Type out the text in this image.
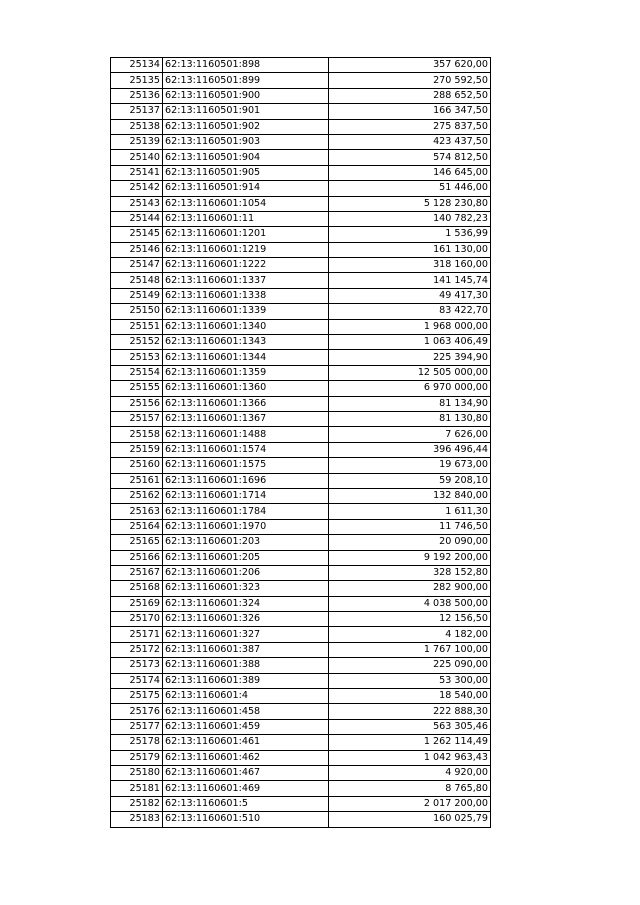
25134	62:13:1160501:898	357 620,00
25135	62:13:1160501:899	270 592,50
25136	62:13:1160501:900	288 652,50
25137	62:13:1160501:901	166 347,50
25138	62:13:1160501:902	275 837,50
25139	62:13:1160501:903	423 437,50
25140	62:13:1160501:904	574 812,50
25141	62:13:1160501:905	146 645,00
25142	62:13:1160501:914	51 446,00
25143	62:13:1160601:1054	5 128 230,80
25144	62:13:1160601:11	140 782,23
25145	62:13:1160601:1201	1 536,99
25146	62:13:1160601:1219	161 130,00
25147	62:13:1160601:1222	318 160,00
25148	62:13:1160601:1337	141 145,74
25149	62:13:1160601:1338	49 417,30
25150	62:13:1160601:1339	83 422,70
25151	62:13:1160601:1340	1 968 000,00
25152	62:13:1160601:1343	1 063 406,49
25153	62:13:1160601:1344	225 394,90
25154	62:13:1160601:1359	12 505 000,00
25155	62:13:1160601:1360	6 970 000,00
25156	62:13:1160601:1366	81 134,90
25157	62:13:1160601:1367	81 130,80
25158	62:13:1160601:1488	7 626,00
25159	62:13:1160601:1574	396 496,44
25160	62:13:1160601:1575	19 673,00
25161	62:13:1160601:1696	59 208,10
25162	62:13:1160601:1714	132 840,00
25163	62:13:1160601:1784	1 611,30
25164	62:13:1160601:1970	11 746,50
25165	62:13:1160601:203	20 090,00
25166	62:13:1160601:205	9 192 200,00
25167	62:13:1160601:206	328 152,80
25168	62:13:1160601:323	282 900,00
25169	62:13:1160601:324	4 038 500,00
25170	62:13:1160601:326	12 156,50
25171	62:13:1160601:327	4 182,00
25172	62:13:1160601:387	1 767 100,00
25173	62:13:1160601:388	225 090,00
25174	62:13:1160601:389	53 300,00
25175	62:13:1160601:4	18 540,00
25176	62:13:1160601:458	222 888,30
25177	62:13:1160601:459	563 305,46
25178	62:13:1160601:461	1 262 114,49
25179	62:13:1160601:462	1 042 963,43
25180	62:13:1160601:467	4 920,00
25181	62:13:1160601:469	8 765,80
25182	62:13:1160601:5	2 017 200,00
25183	62:13:1160601:510	160 025,79
